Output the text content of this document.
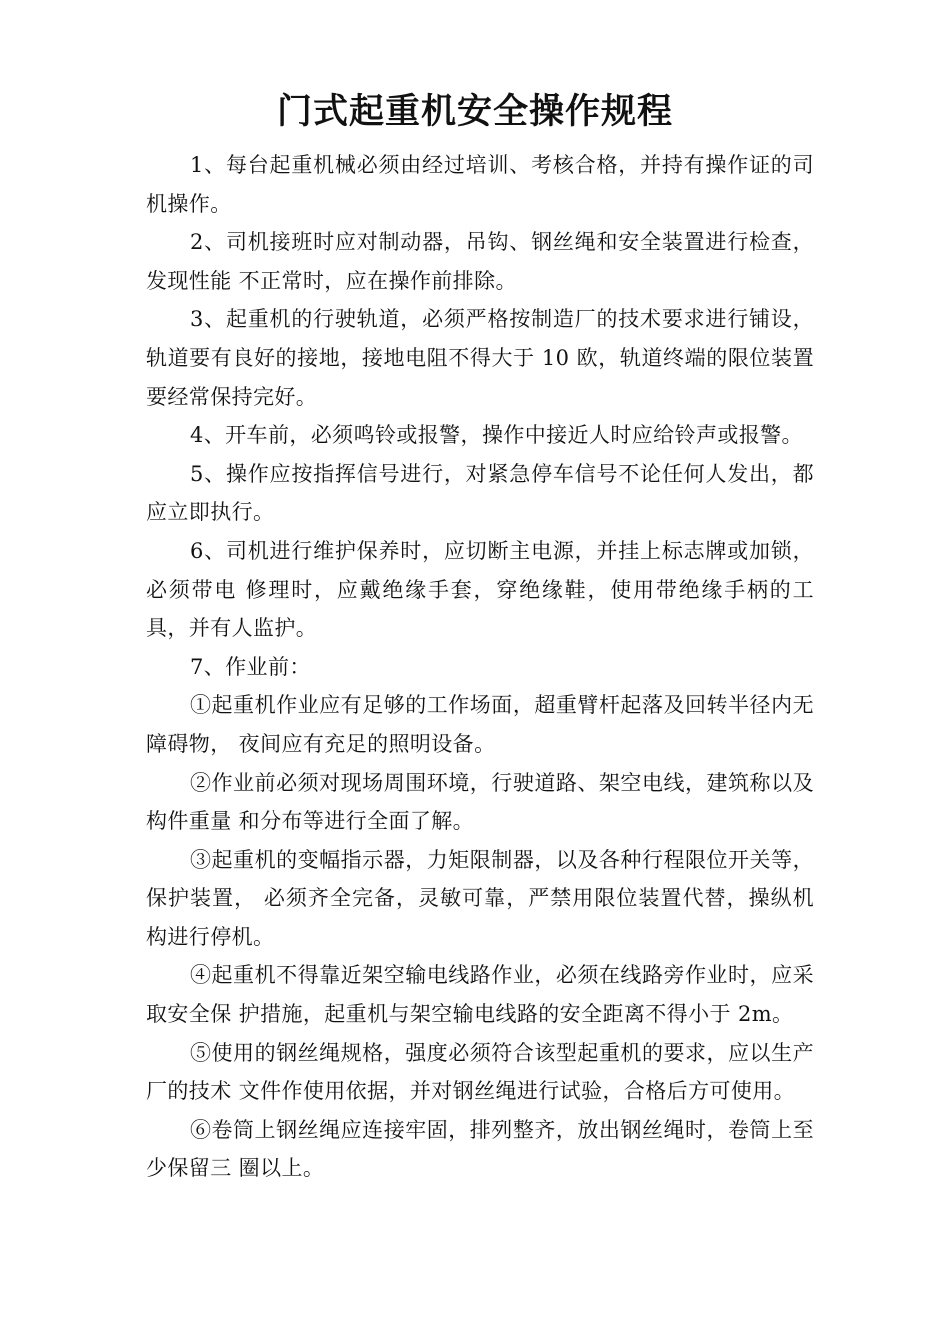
门式起重机安全操作规程

1、每台起重机械必须由经过培训、考核合格，并持有操作证的司机操作。

2、司机接班时应对制动器，吊钩、钢丝绳和安全装置进行检查，发现性能 不正常时，应在操作前排除。

3、起重机的行驶轨道，必须严格按制造厂的技术要求进行铺设，轨道要有良好的接地，接地电阻不得大于 10 欧，轨道终端的限位装置要经常保持完好。

4、开车前，必须鸣铃或报警，操作中接近人时应给铃声或报警。

5、操作应按指挥信号进行，对紧急停车信号不论任何人发出，都应立即执行。

6、司机进行维护保养时，应切断主电源，并挂上标志牌或加锁，必须带电 修理时，应戴绝缘手套，穿绝缘鞋，使用带绝缘手柄的工具，并有人监护。

7、作业前：

①起重机作业应有足够的工作场面，超重臂杆起落及回转半径内无障碍物， 夜间应有充足的照明设备。

②作业前必须对现场周围环境，行驶道路、架空电线，建筑称以及构件重量 和分布等进行全面了解。

③起重机的变幅指示器，力矩限制器，以及各种行程限位开关等，保护装置， 必须齐全完备，灵敏可靠，严禁用限位装置代替，操纵机构进行停机。

④起重机不得靠近架空输电线路作业，必须在线路旁作业时，应采取安全保 护措施，起重机与架空输电线路的安全距离不得小于 2m。

⑤使用的钢丝绳规格，强度必须符合该型起重机的要求，应以生产厂的技术 文件作使用依据，并对钢丝绳进行试验，合格后方可使用。

⑥卷筒上钢丝绳应连接牢固，排列整齐，放出钢丝绳时，卷筒上至少保留三 圈以上。
